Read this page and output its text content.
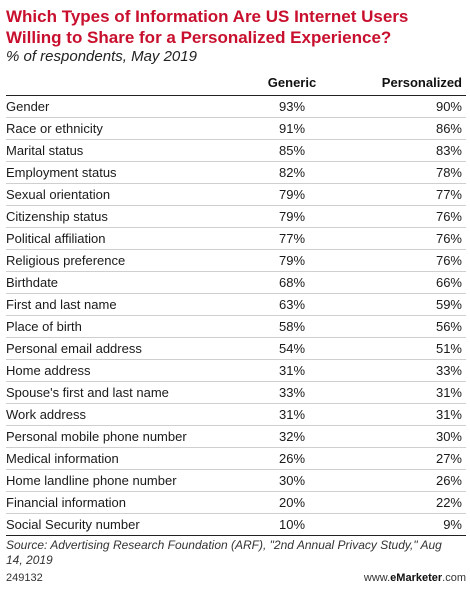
Which Types of Information Are US Internet Users Willing to Share for a Personalized Experience?
% of respondents, May 2019
Generic	Personalized
Gender	93%	90%
Race or ethnicity	91%	86%
Marital status	85%	83%
Employment status	82%	78%
Sexual orientation	79%	77%
Citizenship status	79%	76%
Political affiliation	77%	76%
Religious preference	79%	76%
Birthdate	68%	66%
First and last name	63%	59%
Place of birth	58%	56%
Personal email address	54%	51%
Home address	31%	33%
Spouse's first and last name	33%	31%
Work address	31%	31%
Personal mobile phone number	32%	30%
Medical information	26%	27%
Home landline phone number	30%	26%
Financial information	20%	22%
Social Security number	10%	9%
Source: Advertising Research Foundation (ARF), "2nd Annual Privacy Study," Aug 14, 2019
249132	www.eMarketer.com
